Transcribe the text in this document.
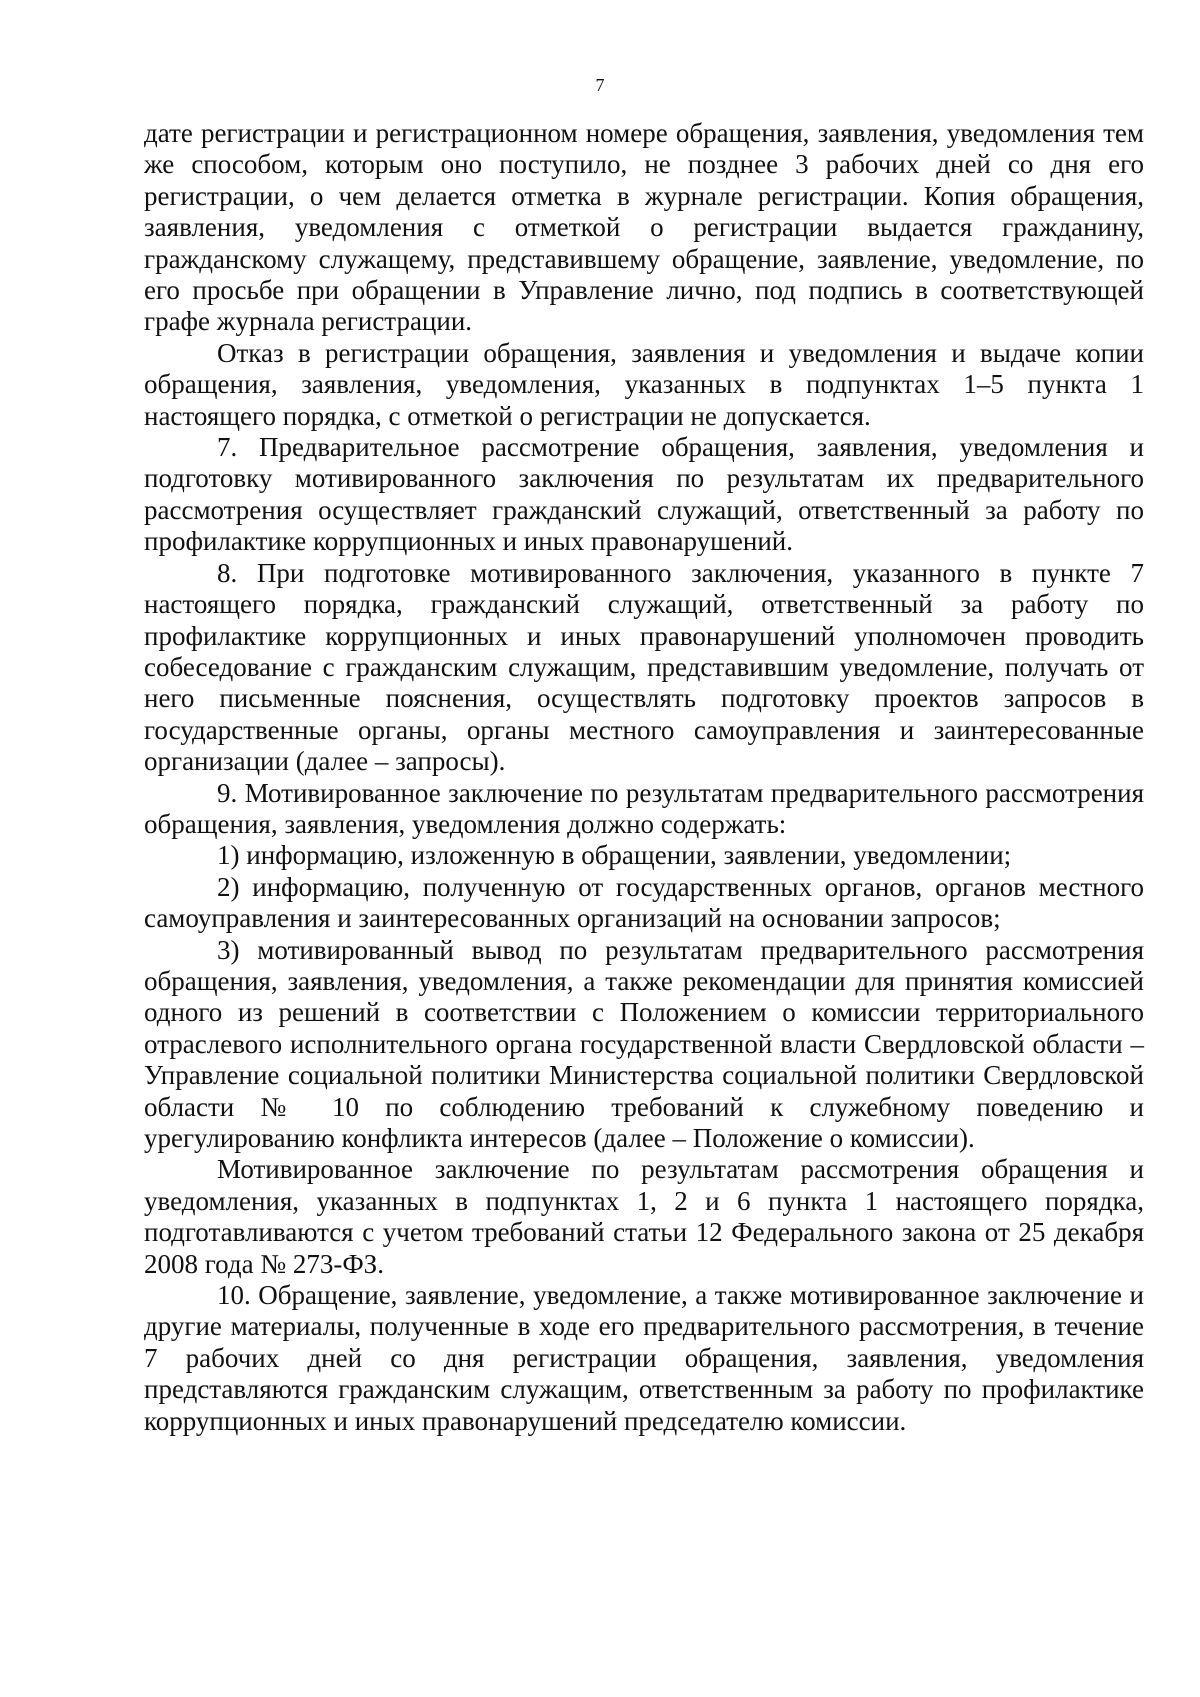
7

дате регистрации и регистрационном номере обращения, заявления, уведомления тем же способом, которым оно поступило, не позднее 3 рабочих дней со дня его регистрации, о чем делается отметка в журнале регистрации. Копия обращения, заявления, уведомления с отметкой о регистрации выдается гражданину, гражданскому служащему, представившему обращение, заявление, уведомление, по его просьбе при обращении в Управление лично, под подпись в соответствующей графе журнала регистрации.

Отказ в регистрации обращения, заявления и уведомления и выдаче копии обращения, заявления, уведомления, указанных в подпунктах 1–5 пункта 1 настоящего порядка, с отметкой о регистрации не допускается.

7. Предварительное рассмотрение обращения, заявления, уведомления и подготовку мотивированного заключения по результатам их предварительного рассмотрения осуществляет гражданский служащий, ответственный за работу по профилактике коррупционных и иных правонарушений.

8. При подготовке мотивированного заключения, указанного в пункте 7 настоящего порядка, гражданский служащий, ответственный за работу по профилактике коррупционных и иных правонарушений уполномочен проводить собеседование с гражданским служащим, представившим уведомление, получать от него письменные пояснения, осуществлять подготовку проектов запросов в государственные органы, органы местного самоуправления и заинтересованные организации (далее – запросы).

9. Мотивированное заключение по результатам предварительного рассмотрения обращения, заявления, уведомления должно содержать:

1) информацию, изложенную в обращении, заявлении, уведомлении;

2) информацию, полученную от государственных органов, органов местного самоуправления и заинтересованных организаций на основании запросов;

3) мотивированный вывод по результатам предварительного рассмотрения обращения, заявления, уведомления, а также рекомендации для принятия комиссией одного из решений в соответствии с Положением о комиссии территориального отраслевого исполнительного органа государственной власти Свердловской области – Управление социальной политики Министерства социальной политики Свердловской области № 10 по соблюдению требований к служебному поведению и урегулированию конфликта интересов (далее – Положение о комиссии).

Мотивированное заключение по результатам рассмотрения обращения и уведомления, указанных в подпунктах 1, 2 и 6 пункта 1 настоящего порядка, подготавливаются с учетом требований статьи 12 Федерального закона от 25 декабря 2008 года № 273-ФЗ.

10. Обращение, заявление, уведомление, а также мотивированное заключение и другие материалы, полученные в ходе его предварительного рассмотрения, в течение 7 рабочих дней со дня регистрации обращения, заявления, уведомления представляются гражданским служащим, ответственным за работу по профилактике коррупционных и иных правонарушений председателю комиссии.
